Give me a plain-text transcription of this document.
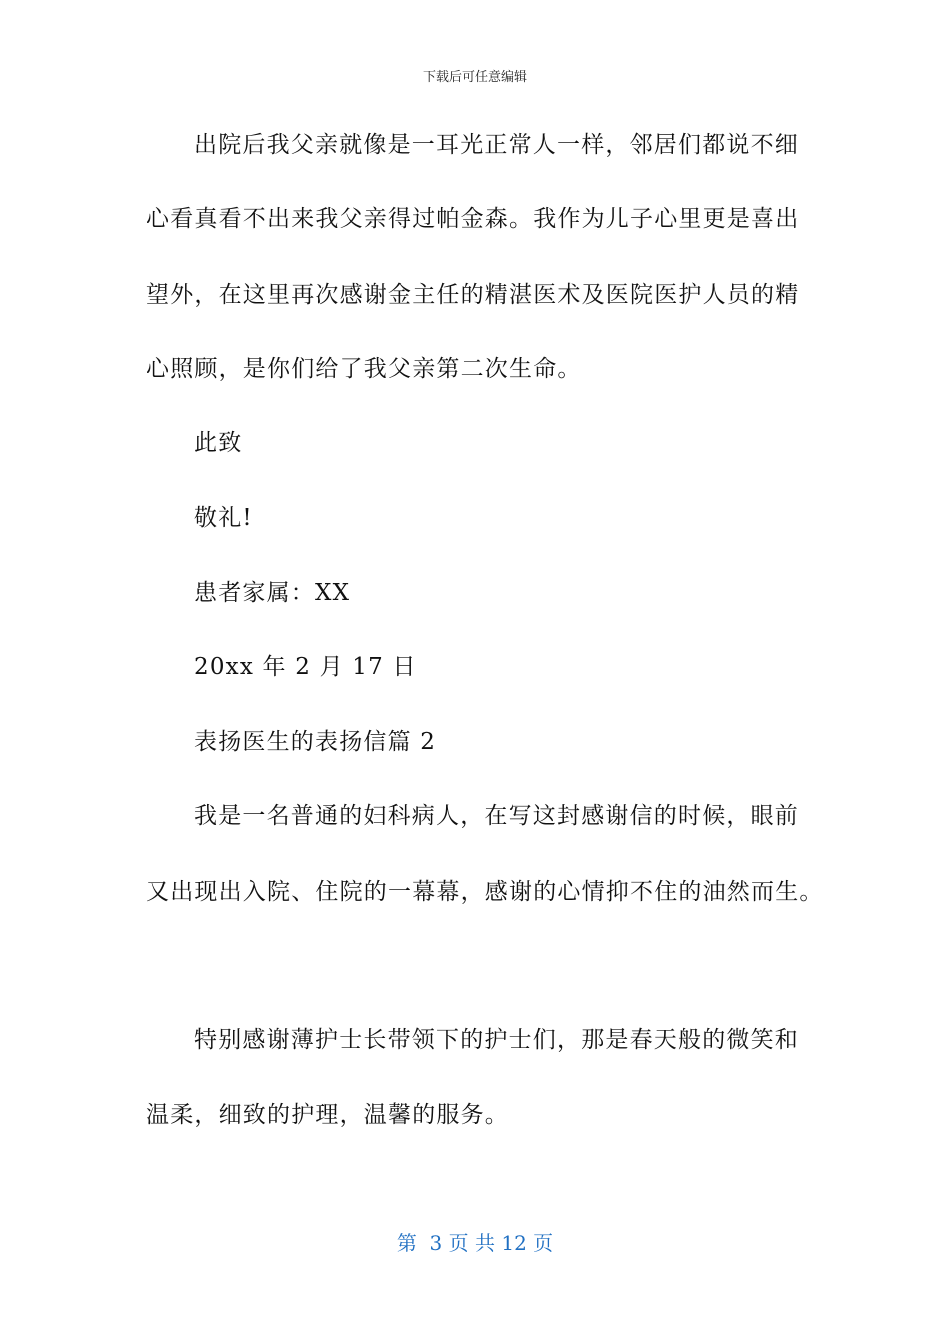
下载后可任意编辑
出院后我父亲就像是一耳光正常人一样，邻居们都说不细
心看真看不出来我父亲得过帕金森。我作为儿子心里更是喜出
望外，在这里再次感谢金主任的精湛医术及医院医护人员的精
心照顾，是你们给了我父亲第二次生命。
此致
敬礼!
患者家属：XX
20xx 年 2 月 17 日
表扬医生的表扬信篇 2
我是一名普通的妇科病人，在写这封感谢信的时候，眼前
又出现出入院、住院的一幕幕，感谢的心情抑不住的油然而生。
特别感谢薄护士长带领下的护士们，那是春天般的微笑和
温柔，细致的护理，温馨的服务。
第  3 页 共 12 页
